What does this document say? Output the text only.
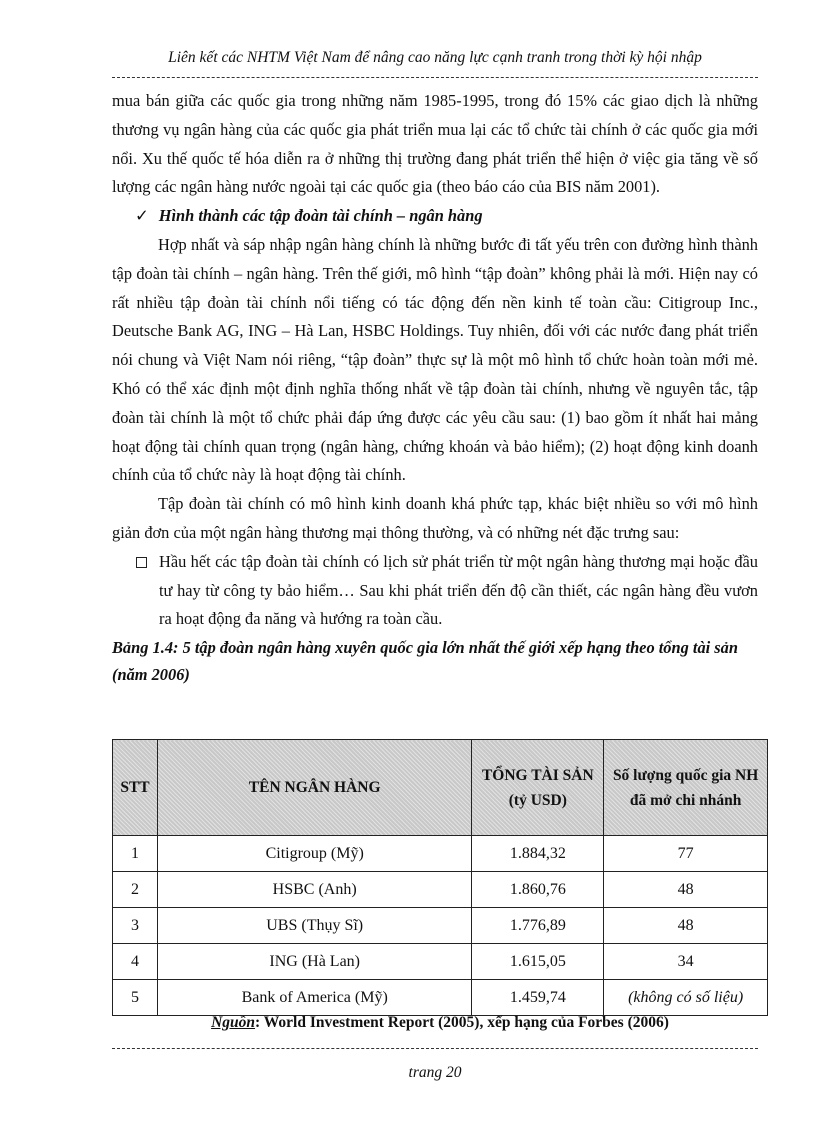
Liên kết các NHTM Việt Nam để nâng cao năng lực cạnh tranh trong thời kỳ hội nhập

mua bán giữa các quốc gia trong những năm 1985-1995, trong đó 15% các giao dịch là những thương vụ ngân hàng của các quốc gia phát triển mua lại các tổ chức tài chính ở các quốc gia mới nổi. Xu thế quốc tế hóa diễn ra ở những thị trường đang phát triển thể hiện ở việc gia tăng về số lượng các ngân hàng nước ngoài tại các quốc gia (theo báo cáo của BIS năm 2001).

✓ Hình thành các tập đoàn tài chính – ngân hàng

Hợp nhất và sáp nhập ngân hàng chính là những bước đi tất yếu trên con đường hình thành tập đoàn tài chính – ngân hàng. Trên thế giới, mô hình “tập đoàn” không phải là mới. Hiện nay có rất nhiều tập đoàn tài chính nổi tiếng có tác động đến nền kinh tế toàn cầu: Citigroup Inc., Deutsche Bank AG, ING – Hà Lan, HSBC Holdings. Tuy nhiên, đối với các nước đang phát triển nói chung và Việt Nam nói riêng, “tập đoàn” thực sự là một mô hình tổ chức hoàn toàn mới mẻ. Khó có thể xác định một định nghĩa thống nhất về tập đoàn tài chính, nhưng về nguyên tắc, tập đoàn tài chính là một tổ chức phải đáp ứng được các yêu cầu sau: (1) bao gồm ít nhất hai mảng hoạt động tài chính quan trọng (ngân hàng, chứng khoán và bảo hiểm); (2) hoạt động kinh doanh chính của tổ chức này là hoạt động tài chính.

Tập đoàn tài chính có mô hình kinh doanh khá phức tạp, khác biệt nhiều so với mô hình giản đơn của một ngân hàng thương mại thông thường, và có những nét đặc trưng sau:

Hầu hết các tập đoàn tài chính có lịch sử phát triển từ một ngân hàng thương mại hoặc đầu tư hay từ công ty bảo hiểm… Sau khi phát triển đến độ cần thiết, các ngân hàng đều vươn ra hoạt động đa năng và hướng ra toàn cầu.

Bảng 1.4: 5 tập đoàn ngân hàng xuyên quốc gia lớn nhất thế giới xếp hạng theo tổng tài sản (năm 2006)

STT	TÊN NGÂN HÀNG	TỔNG TÀI SẢN (tỷ USD)	Số lượng quốc gia NH đã mở chi nhánh
1	Citigroup (Mỹ)	1.884,32	77
2	HSBC (Anh)	1.860,76	48
3	UBS (Thụy Sĩ)	1.776,89	48
4	ING (Hà Lan)	1.615,05	34
5	Bank of America (Mỹ)	1.459,74	(không có số liệu)
Nguồn: World Investment Report (2005), xếp hạng của Forbes (2006)
trang 20
